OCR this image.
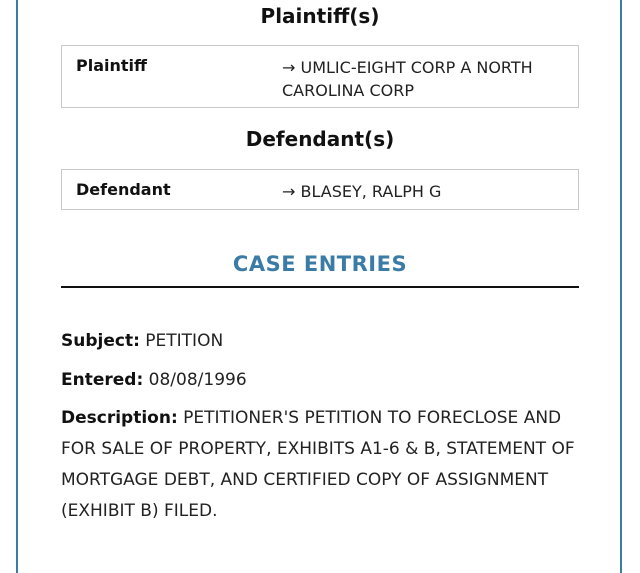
Plaintiff(s)
Plaintiff	→ UMLIC-EIGHT CORP A NORTH CAROLINA CORP
Defendant(s)
Defendant	→ BLASEY, RALPH G
CASE ENTRIES
Subject: PETITION
Entered: 08/08/1996
Description: PETITIONER'S PETITION TO FORECLOSE AND FOR SALE OF PROPERTY, EXHIBITS A1-6 & B, STATEMENT OF MORTGAGE DEBT, AND CERTIFIED COPY OF ASSIGNMENT (EXHIBIT B) FILED.
